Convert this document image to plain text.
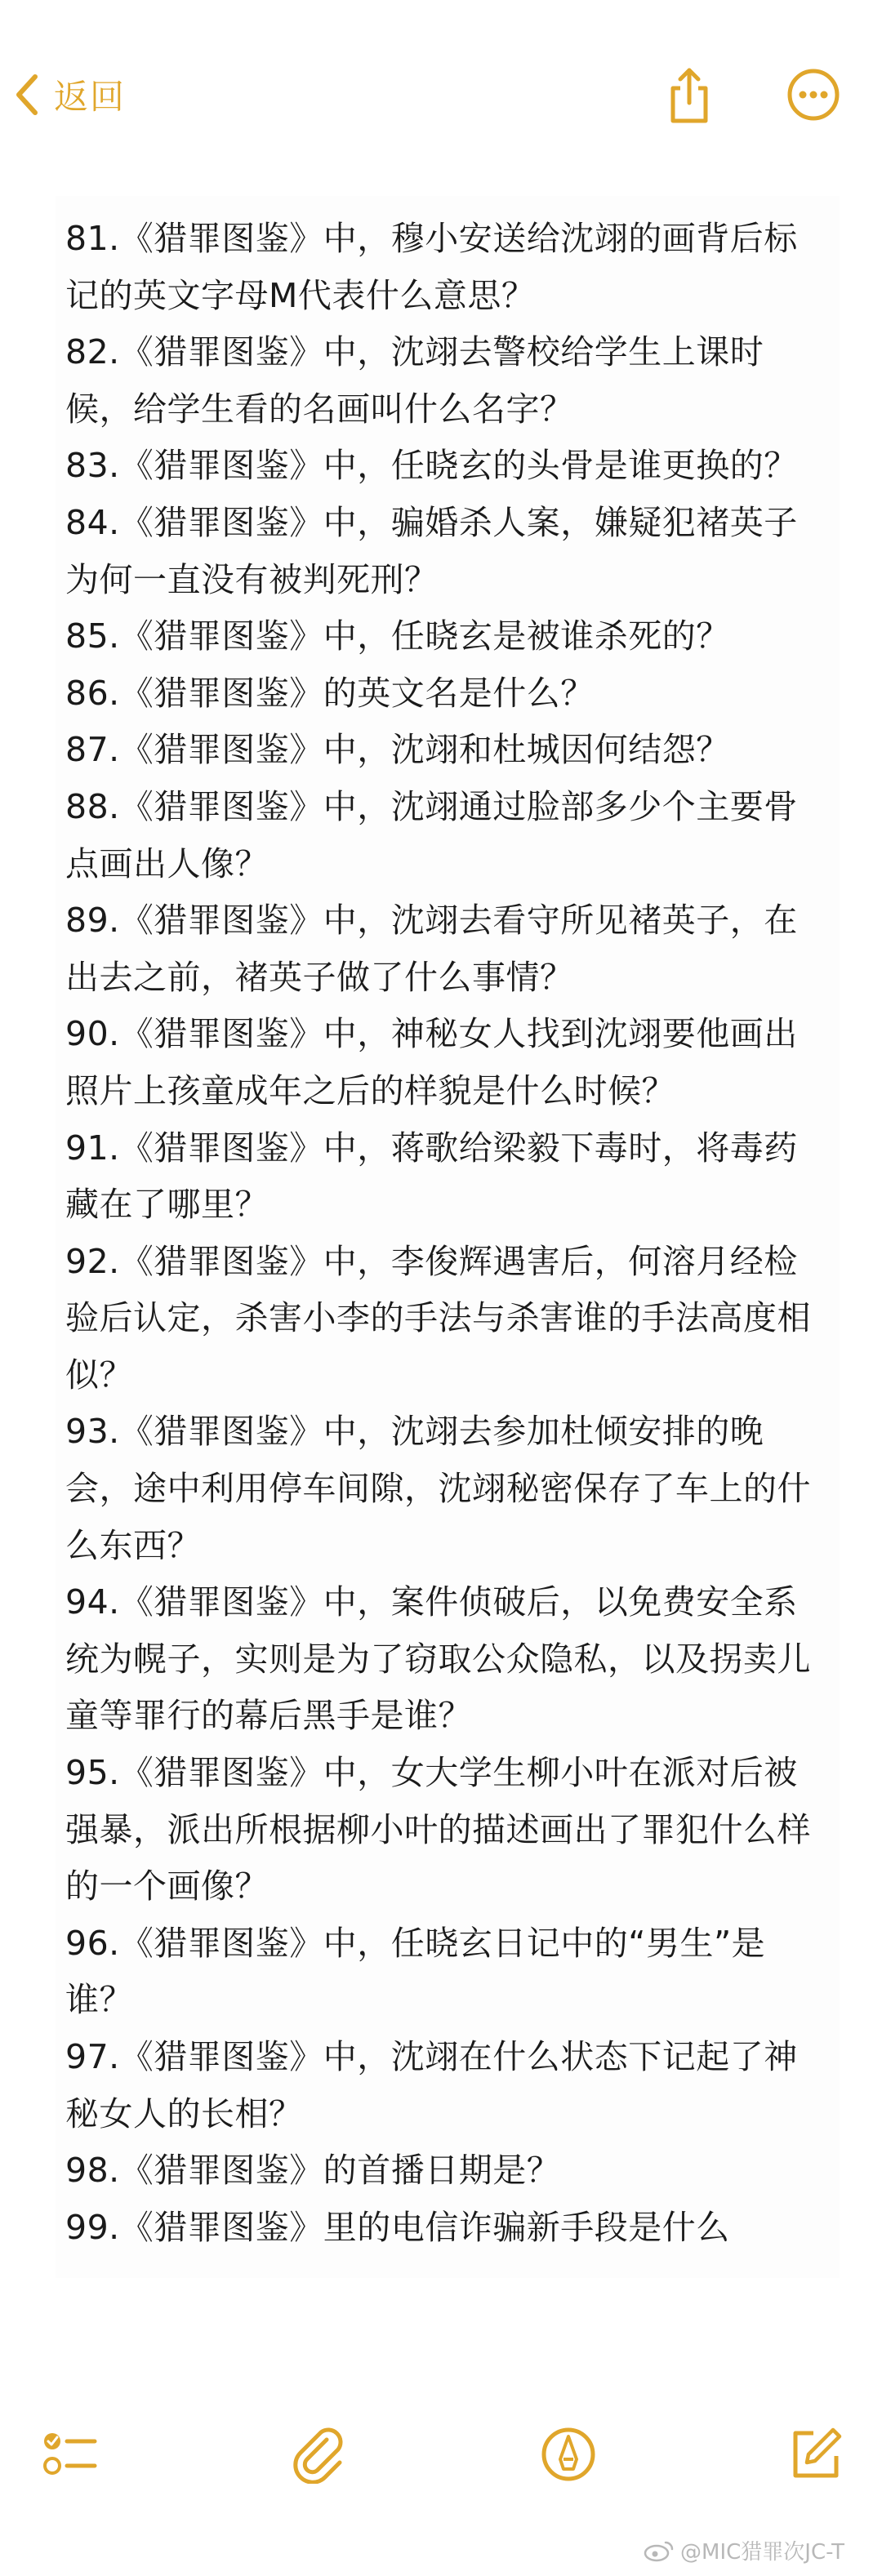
返回
81.《猎罪图鉴》中，穆小安送给沈翊的画背后标记的英文字母M代表什么意思？
82.《猎罪图鉴》中，沈翊去警校给学生上课时候，给学生看的名画叫什么名字？
83.《猎罪图鉴》中，任晓玄的头骨是谁更换的？
84.《猎罪图鉴》中，骗婚杀人案，嫌疑犯褚英子为何一直没有被判死刑？
85.《猎罪图鉴》中，任晓玄是被谁杀死的？
86.《猎罪图鉴》的英文名是什么？
87.《猎罪图鉴》中，沈翊和杜城因何结怨？
88.《猎罪图鉴》中，沈翊通过脸部多少个主要骨点画出人像？
89.《猎罪图鉴》中，沈翊去看守所见褚英子，在出去之前，褚英子做了什么事情？
90.《猎罪图鉴》中，神秘女人找到沈翊要他画出照片上孩童成年之后的样貌是什么时候？
91.《猎罪图鉴》中，蒋歌给梁毅下毒时，将毒药藏在了哪里？
92.《猎罪图鉴》中，李俊辉遇害后，何溶月经检验后认定，杀害小李的手法与杀害谁的手法高度相似？
93.《猎罪图鉴》中，沈翊去参加杜倾安排的晚会，途中利用停车间隙，沈翊秘密保存了车上的什么东西？
94.《猎罪图鉴》中，案件侦破后，以免费安全系统为幌子，实则是为了窃取公众隐私，以及拐卖儿童等罪行的幕后黑手是谁？
95.《猎罪图鉴》中，女大学生柳小叶在派对后被强暴，派出所根据柳小叶的描述画出了罪犯什么样的一个画像？
96.《猎罪图鉴》中，任晓玄日记中的“男生”是谁？
97.《猎罪图鉴》中，沈翊在什么状态下记起了神秘女人的长相？
98.《猎罪图鉴》的首播日期是？
99.《猎罪图鉴》里的电信诈骗新手段是什么
@MIC猎罪次JC-T
